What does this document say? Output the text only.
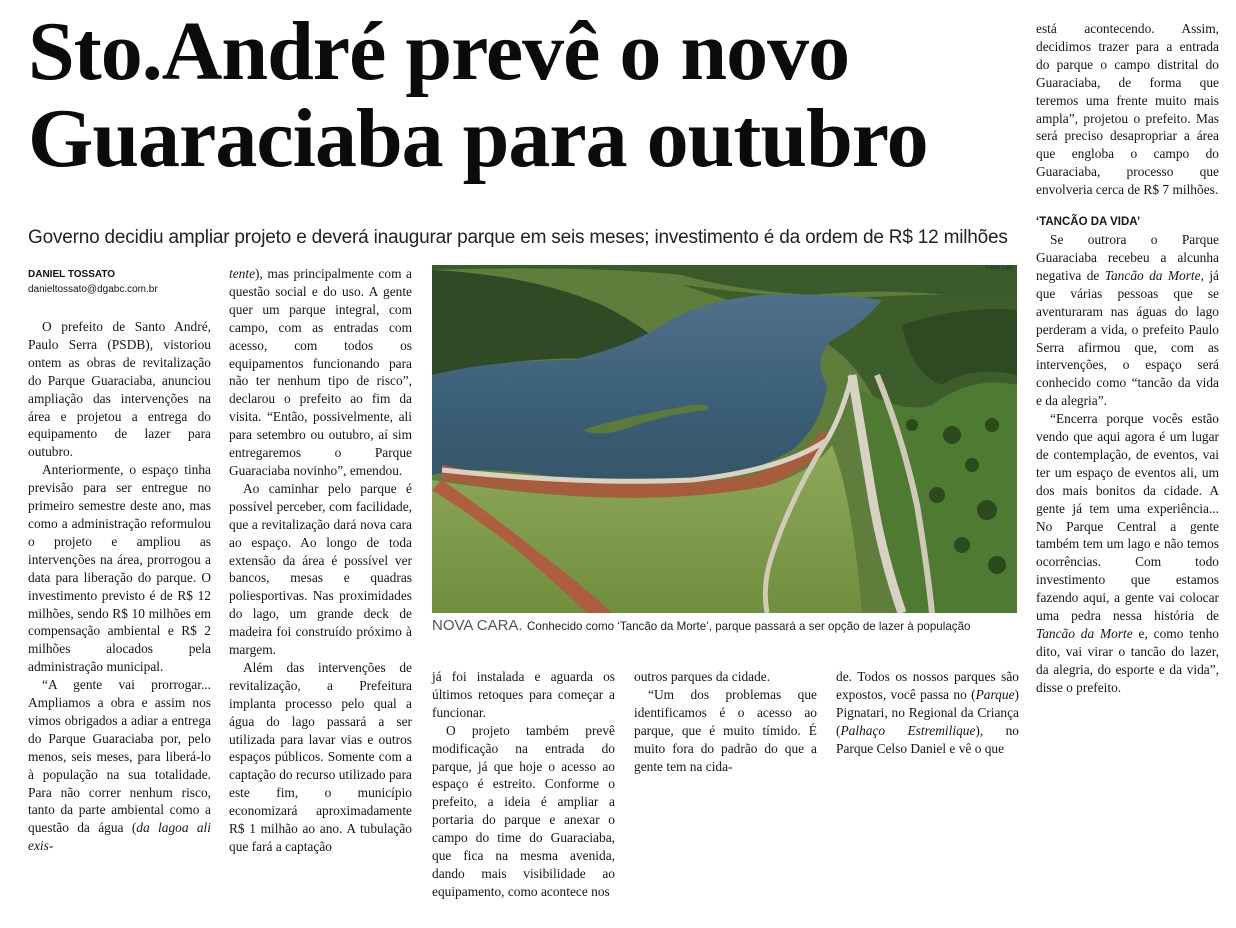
Sto.André prevê o novo
Guaraciaba para outubro

Governo decidiu ampliar projeto e deverá inaugurar parque em seis meses; investimento é da ordem de R$ 12 milhões

DANIEL TOSSATO
danieltossato@dgabc.com.br

O prefeito de Santo André, Paulo Serra (PSDB), vistoriou ontem as obras de revitalização do Parque Guaraciaba, anunciou ampliação das intervenções na área e projetou a entrega do equipamento de lazer para outubro.

Anteriormente, o espaço tinha previsão para ser entregue no primeiro semestre deste ano, mas como a administração reformulou o projeto e ampliou as intervenções na área, prorrogou a data para liberação do parque. O investimento previsto é de R$ 12 milhões, sendo R$ 10 milhões em compensação ambiental e R$ 2 milhões alocados pela administração municipal.

“A gente vai prorrogar... Ampliamos a obra e assim nos vimos obrigados a adiar a entrega do Parque Guaraciaba por, pelo menos, seis meses, para liberá-lo à população na sua totalidade. Para não correr nenhum risco, tanto da parte ambiental como a questão da água (da lagoa ali exis-

tente), mas principalmente com a questão social e do uso. A gente quer um parque integral, com campo, com as entradas com acesso, com todos os equipamentos funcionando para não ter nenhum tipo de risco”, declarou o prefeito ao fim da visita. “Então, possivelmente, ali para setembro ou outubro, aí sim entregaremos o Parque Guaraciaba novinho”, emendou.

Ao caminhar pelo parque é possível perceber, com facilidade, que a revitalização dará nova cara ao espaço. Ao longo de toda extensão da área é possível ver bancos, mesas e quadras poliesportivas. Nas proximidades do lago, um grande deck de madeira foi construído próximo à margem.

Além das intervenções de revitalização, a Prefeitura implanta processo pelo qual a água do lago passará a ser utilizada para lavar vias e outros espaços públicos. Somente com a captação do recurso utilizado para este fim, o município economizará aproximadamente R$ 1 milhão ao ano. A tubulação que fará a captação

Celso Luiz
NOVA CARA. Conhecido como ‘Tancão da Morte’, parque passará a ser opção de lazer à população

já foi instalada e aguarda os últimos retoques para começar a funcionar.

O projeto também prevê modificação na entrada do parque, já que hoje o acesso ao espaço é estreito. Conforme o prefeito, a ideia é ampliar a portaria do parque e anexar o campo do time do Guaraciaba, que fica na mesma avenida, dando mais visibilidade ao equipamento, como acontece nos

outros parques da cidade.

“Um dos problemas que identificamos é o acesso ao parque, que é muito tímido. É muito fora do padrão do que a gente tem na cida-

de. Todos os nossos parques são expostos, você passa no (Parque) Pignatari, no Regional da Criança (Palhaço Estremilique), no Parque Celso Daniel e vê o que

está acontecendo. Assim, decidimos trazer para a entrada do parque o campo distrital do Guaraciaba, de forma que teremos uma frente muito mais ampla”, projetou o prefeito. Mas será preciso desapropriar a área que engloba o campo do Guaraciaba, processo que envolveria cerca de R$ 7 milhões.

‘TANCÃO DA VIDA’

Se outrora o Parque Guaraciaba recebeu a alcunha negativa de Tancão da Morte, já que várias pessoas que se aventuraram nas águas do lago perderam a vida, o prefeito Paulo Serra afirmou que, com as intervenções, o espaço será conhecido como “tancão da vida e da alegria”.

“Encerra porque vocês estão vendo que aqui agora é um lugar de contemplação, de eventos, vai ter um espaço de eventos ali, um dos mais bonitos da cidade. A gente já tem uma experiência... No Parque Central a gente também tem um lago e não temos ocorrências. Com todo investimento que estamos fazendo aqui, a gente vai colocar uma pedra nessa história de Tancão da Morte e, como tenho dito, vai virar o tancão do lazer, da alegria, do esporte e da vida”, disse o prefeito.
